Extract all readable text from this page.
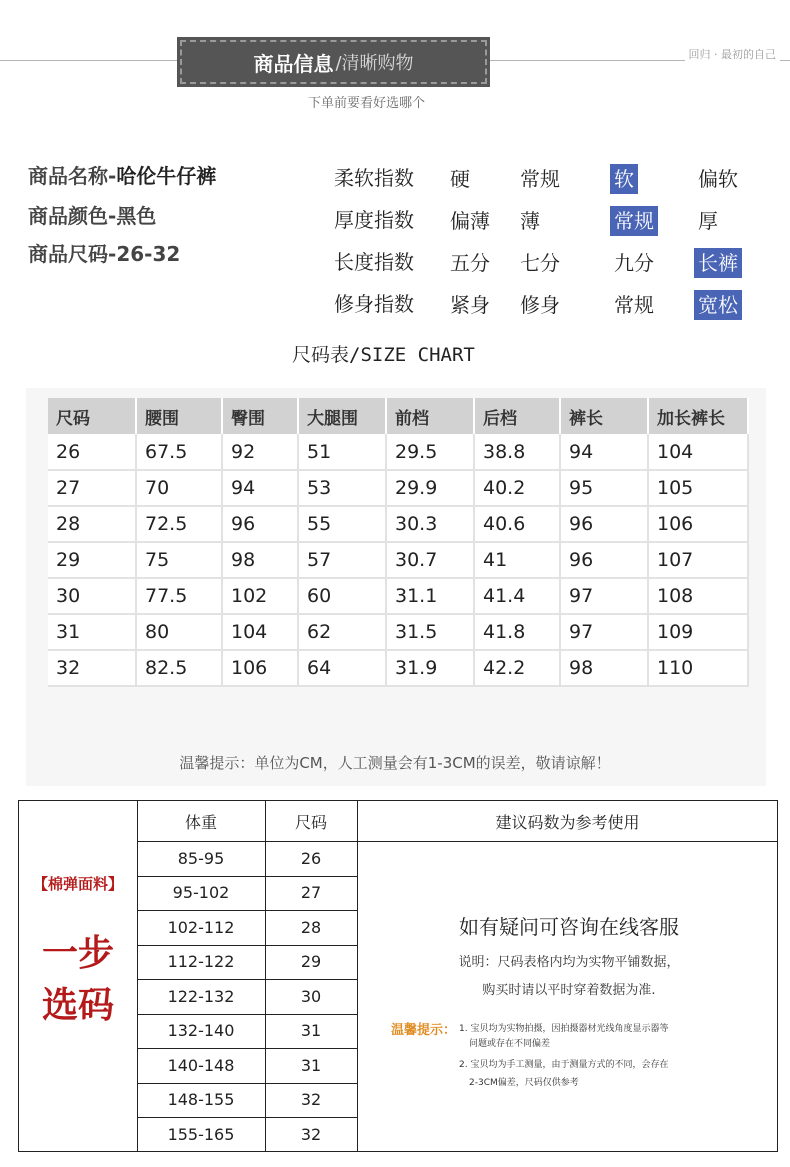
商品信息 /清晰购物	回归 · 最初的自己
下单前要看好选哪个
商品名称-哈伦牛仔裤
商品颜色-黑色
商品尺码-26-32
柔软指数 硬	常规	软	偏软
厚度指数 偏薄 薄	常规 厚
长度指数 五分 七分	九分 长裤
修身指数 紧身 修身	常规 宽松
尺码表/SIZE CHART
尺码	腰围	臀围	大腿围	前档	后档	裤长	加长裤长
26	67.5	92	51	29.5	38.8	94	104
27	70	94	53	29.9	40.2	95	105
28	72.5	96	55	30.3	40.6	96	106
29	75	98	57	30.7	41	96	107
30	77.5	102	60	31.1	41.4	97	108
31	80	104	62	31.5	41.8	97	109
32	82.5	106	64	31.9	42.2	98	110
温馨提示：单位为CM，人工测量会有1-3CM的误差，敬请谅解！
【棉弹面料】
一步
选码
体重	尺码	建议码数为参考使用
85-95	26
95-102	27
102-112	28
112-122	29
122-132	30
132-140	31
140-148	31
148-155	32
155-165	32
如有疑问可咨询在线客服
说明：尺码表格内均为实物平铺数据，
购买时请以平时穿着数据为准.
温馨提示： 1. 宝贝均为实物拍摄，因拍摄器材光线角度显示器等
问题或存在不同偏差
2. 宝贝均为手工测量，由于测量方式的不同，会存在
2-3CM偏差，尺码仅供参考
